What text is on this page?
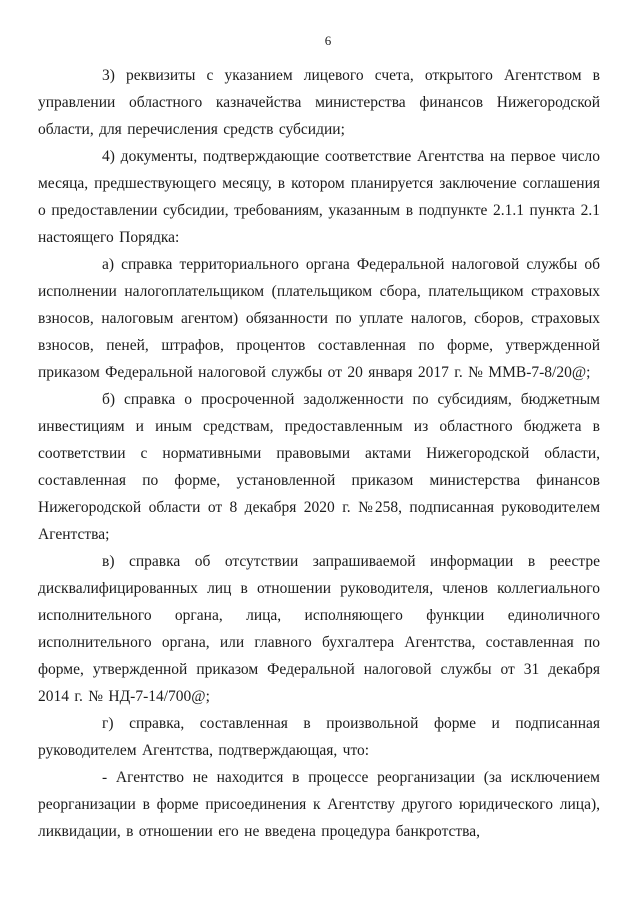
6

3) реквизиты с указанием лицевого счета, открытого Агентством в управлении областного казначейства министерства финансов Нижегородской области, для перечисления средств субсидии;

4) документы, подтверждающие соответствие Агентства на первое число месяца, предшествующего месяцу, в котором планируется заключение соглашения о предоставлении субсидии, требованиям, указанным в подпункте 2.1.1 пункта 2.1 настоящего Порядка:

а) справка территориального органа Федеральной налоговой службы об исполнении налогоплательщиком (плательщиком сбора, плательщиком страховых взносов, налоговым агентом) обязанности по уплате налогов, сборов, страховых взносов, пеней, штрафов, процентов составленная по форме, утвержденной приказом Федеральной налоговой службы от 20 января 2017 г. № ММВ-7-8/20@;

б) справка о просроченной задолженности по субсидиям, бюджетным инвестициям и иным средствам, предоставленным из областного бюджета в соответствии с нормативными правовыми актами Нижегородской области, составленная по форме, установленной приказом министерства финансов Нижегородской области от 8 декабря 2020 г. №258, подписанная руководителем Агентства;

в) справка об отсутствии запрашиваемой информации в реестре дисквалифицированных лиц в отношении руководителя, членов коллегиального исполнительного органа, лица, исполняющего функции единоличного исполнительного органа, или главного бухгалтера Агентства, составленная по форме, утвержденной приказом Федеральной налоговой службы от 31 декабря 2014 г. № НД-7-14/700@;

г) справка, составленная в произвольной форме и подписанная руководителем Агентства, подтверждающая, что:

- Агентство не находится в процессе реорганизации (за исключением реорганизации в форме присоединения к Агентству другого юридического лица), ликвидации, в отношении его не введена процедура банкротства,
